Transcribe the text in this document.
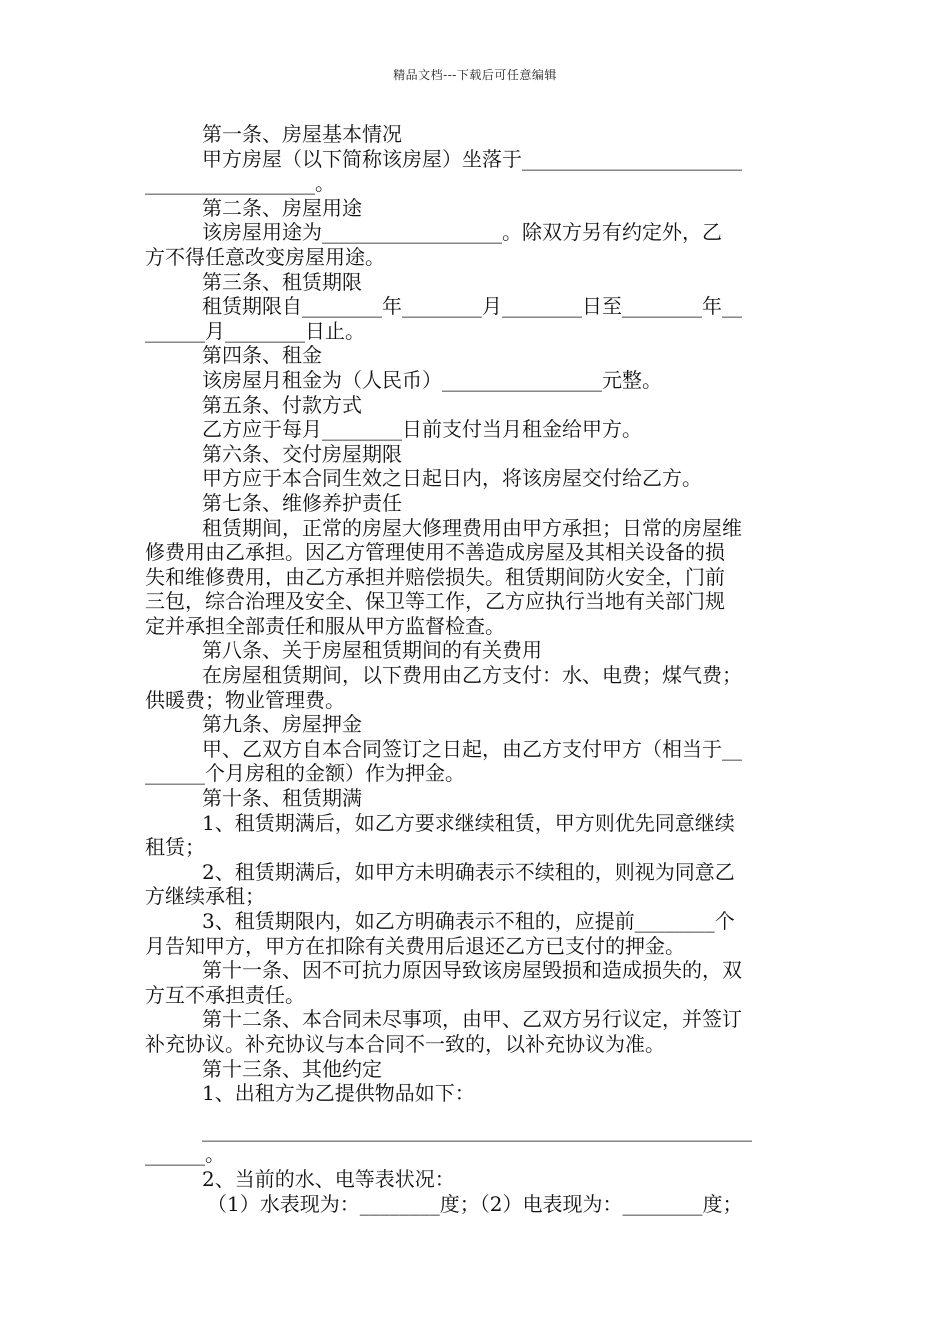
精品文档---下载后可任意编辑
第一条、房屋基本情况
甲方房屋（以下简称该房屋）坐落于______________________
_________________。
第二条、房屋用途
该房屋用途为__________________。除双方另有约定外，乙
方不得任意改变房屋用途。
第三条、租赁期限
租赁期限自________年________月________日至________年__
______月________日止。
第四条、租金
该房屋月租金为（人民币）________________元整。
第五条、付款方式
乙方应于每月________日前支付当月租金给甲方。
第六条、交付房屋期限
甲方应于本合同生效之日起日内，将该房屋交付给乙方。
第七条、维修养护责任
租赁期间，正常的房屋大修理费用由甲方承担；日常的房屋维
修费用由乙承担。因乙方管理使用不善造成房屋及其相关设备的损
失和维修费用，由乙方承担并赔偿损失。租赁期间防火安全，门前
三包，综合治理及安全、保卫等工作，乙方应执行当地有关部门规
定并承担全部责任和服从甲方监督检查。
第八条、关于房屋租赁期间的有关费用
在房屋租赁期间，以下费用由乙方支付：水、电费；煤气费；
供暖费；物业管理费。
第九条、房屋押金
甲、乙双方自本合同签订之日起，由乙方支付甲方（相当于__
______个月房租的金额）作为押金。
第十条、租赁期满
1、租赁期满后，如乙方要求继续租赁，甲方则优先同意继续
租赁；
2、租赁期满后，如甲方未明确表示不续租的，则视为同意乙
方继续承租；
3、租赁期限内，如乙方明确表示不租的，应提前________个
月告知甲方，甲方在扣除有关费用后退还乙方已支付的押金。
第十一条、因不可抗力原因导致该房屋毁损和造成损失的，双
方互不承担责任。
第十二条、本合同未尽事项，由甲、乙双方另行议定，并签订
补充协议。补充协议与本合同不一致的，以补充协议为准。
第十三条、其他约定
1、出租方为乙提供物品如下：
_______________________________________________________
______。
2、当前的水、电等表状况：
（1）水表现为：________度；（2）电表现为：________度；
